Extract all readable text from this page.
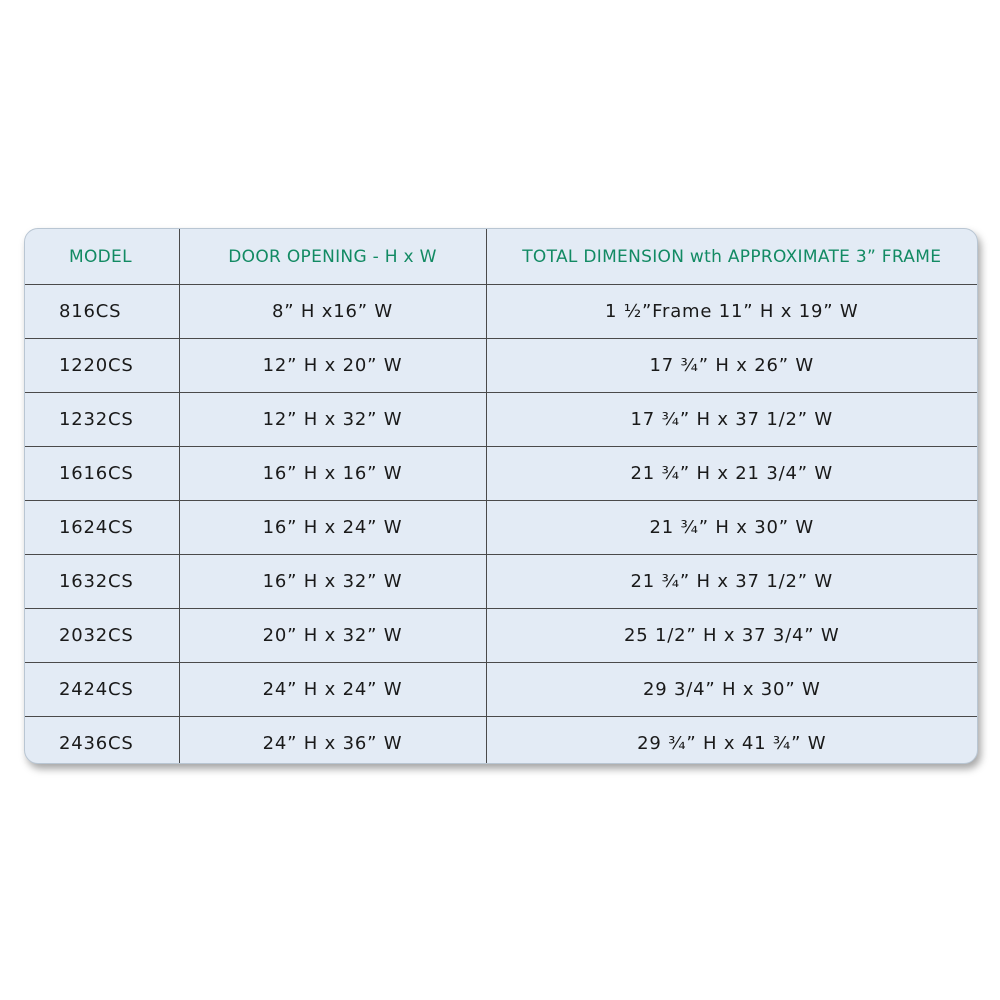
MODEL	DOOR OPENING - H x W	TOTAL DIMENSION wth APPROXIMATE 3” FRAME
816CS	8” H x16” W	1 ½”Frame 11” H x 19” W
1220CS	12” H x 20” W	17 ¾” H x 26” W
1232CS	12” H x 32” W	17 ¾” H x 37 1/2” W
1616CS	16” H x 16” W	21 ¾” H x 21 3/4” W
1624CS	16” H x 24” W	21 ¾” H x 30” W
1632CS	16” H x 32” W	21 ¾” H x 37 1/2” W
2032CS	20” H x 32” W	25 1/2” H x 37 3/4” W
2424CS	24” H x 24” W	29 3/4” H x 30” W
2436CS	24” H x 36” W	29 ¾” H x 41 ¾” W
